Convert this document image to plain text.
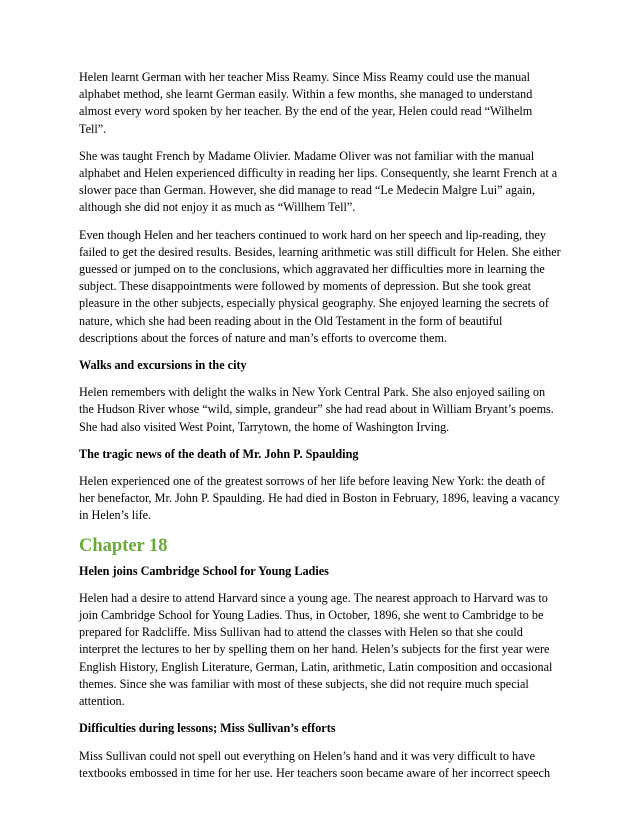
Helen learnt German with her teacher Miss Reamy. Since Miss Reamy could use the manual alphabet method, she learnt German easily. Within a few months, she managed to understand almost every word spoken by her teacher. By the end of the year, Helen could read “Wilhelm Tell”.

She was taught French by Madame Olivier. Madame Oliver was not familiar with the manual alphabet and Helen experienced difficulty in reading her lips. Consequently, she learnt French at a slower pace than German. However, she did manage to read “Le Medecin Malgre Lui” again, although she did not enjoy it as much as “Willhem Tell”.

Even though Helen and her teachers continued to work hard on her speech and lip-reading, they failed to get the desired results. Besides, learning arithmetic was still difficult for Helen. She either guessed or jumped on to the conclusions, which aggravated her difficulties more in learning the subject. These disappointments were followed by moments of depression. But she took great pleasure in the other subjects, especially physical geography. She enjoyed learning the secrets of nature, which she had been reading about in the Old Testament in the form of beautiful descriptions about the forces of nature and man’s efforts to overcome them.

Walks and excursions in the city

Helen remembers with delight the walks in New York Central Park. She also enjoyed sailing on the Hudson River whose “wild, simple, grandeur” she had read about in William Bryant’s poems. She had also visited West Point, Tarrytown, the home of Washington Irving.

The tragic news of the death of Mr. John P. Spaulding

Helen experienced one of the greatest sorrows of her life before leaving New York: the death of her benefactor, Mr. John P. Spaulding. He had died in Boston in February, 1896, leaving a vacancy in Helen’s life.

Chapter 18
Helen joins Cambridge School for Young Ladies

Helen had a desire to attend Harvard since a young age. The nearest approach to Harvard was to join Cambridge School for Young Ladies. Thus, in October, 1896, she went to Cambridge to be prepared for Radcliffe. Miss Sullivan had to attend the classes with Helen so that she could interpret the lectures to her by spelling them on her hand. Helen’s subjects for the first year were English History, English Literature, German, Latin, arithmetic, Latin composition and occasional themes. Since she was familiar with most of these subjects, she did not require much special attention.

Difficulties during lessons; Miss Sullivan’s efforts

Miss Sullivan could not spell out everything on Helen’s hand and it was very difficult to have textbooks embossed in time for her use. Her teachers soon became aware of her incorrect speech
